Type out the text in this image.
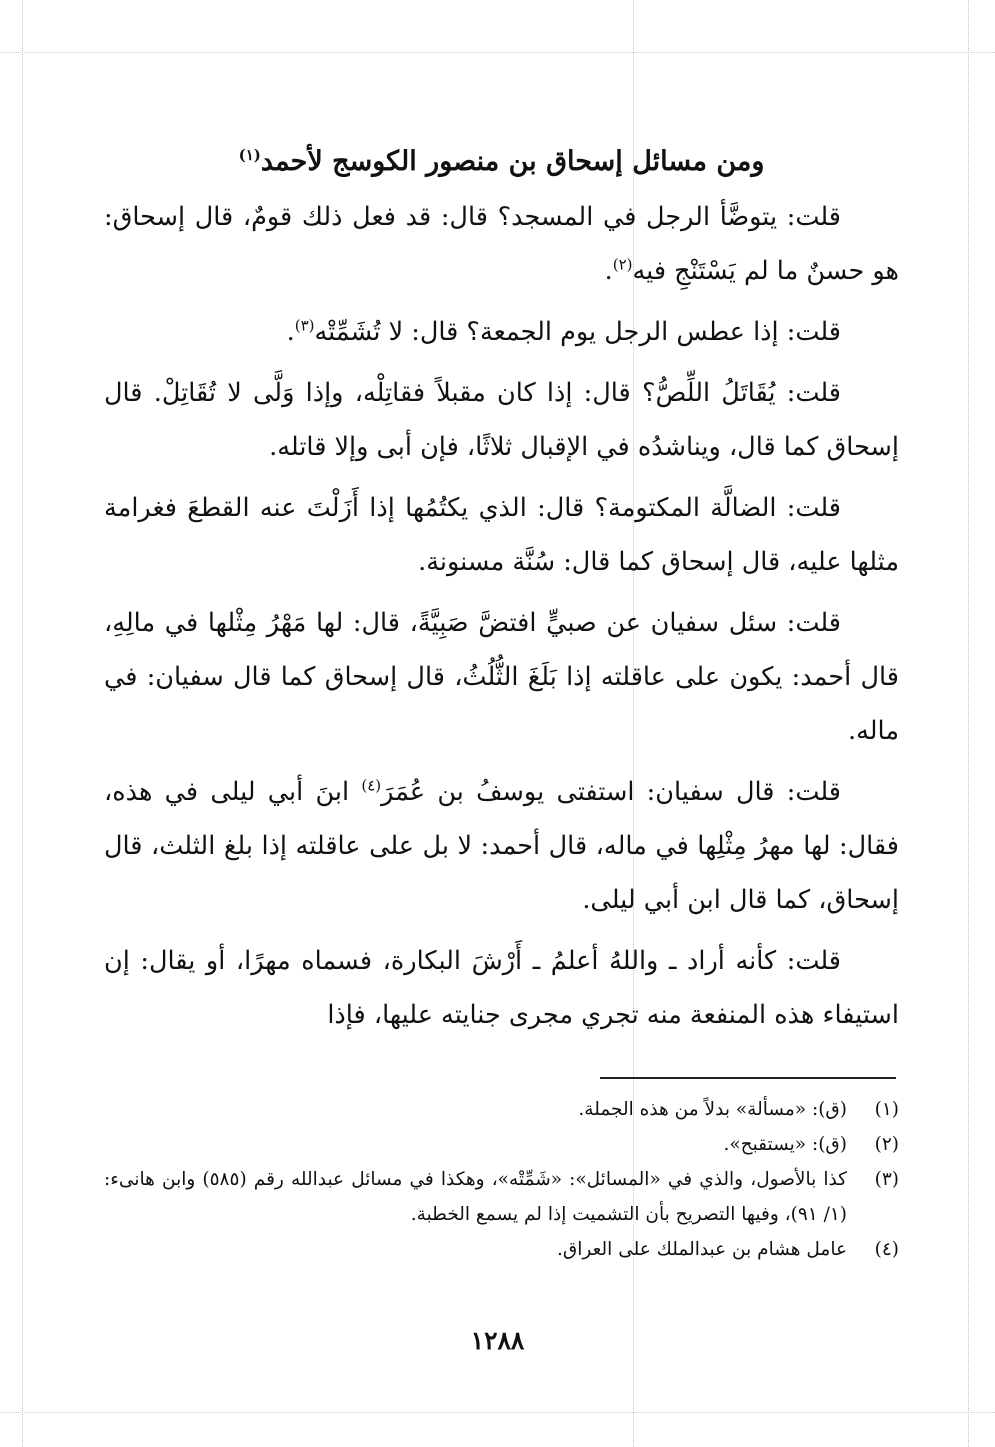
ومن مسائل إسحاق بن منصور الكوسج لأحمد$^{(١)}$

قلت: يتوضَّأ الرجل في المسجد؟ قال: قد فعل ذلك قومٌ، قال إسحاق: هو حسنٌ ما لم يَسْتَنْجِ فيه$^{(٢)}$.

قلت: إذا عطس الرجل يوم الجمعة؟ قال: لا تُشَمِّتْه$^{(٣)}$.

قلت: يُقَاتَلُ اللِّصُّ؟ قال: إذا كان مقبلاً فقاتِلْه، وإذا وَلَّى لا تُقَاتِلْ. قال إسحاق كما قال، ويناشدُه في الإقبال ثلاثًا، فإن أبى وإلا قاتله.

قلت: الضالَّة المكتومة؟ قال: الذي يكتُمُها إذا أَزَلْتَ عنه القطعَ فغرامة مثلها عليه، قال إسحاق كما قال: سُنَّة مسنونة.

قلت: سئل سفيان عن صبيٍّ افتضَّ صَبِيَّةً، قال: لها مَهْرُ مِثْلها في مالِهِ، قال أحمد: يكون على عاقلته إذا بَلَغَ الثُّلُثُ، قال إسحاق كما قال سفيان: في ماله.

قلت: قال سفيان: استفتى يوسفُ بن عُمَرَ$^{(٤)}$ ابنَ أبي ليلى في هذه، فقال: لها مهرُ مِثْلِها في ماله، قال أحمد: لا بل على عاقلته إذا بلغ الثلث، قال إسحاق، كما قال ابن أبي ليلى.

قلت: كأنه أراد ـ واللهُ أعلمُ ـ أَرْشَ البكارة، فسماه مهرًا، أو يقال: إن استيفاء هذه المنفعة منه تجري مجرى جنايته عليها، فإذا

(١)
(ق): «مسألة» بدلاً من هذه الجملة.
(٢)
(ق): «يستقبح».
(٣)
كذا بالأصول، والذي في «المسائل»: «شَمِّتْه»، وهكذا في مسائل عبدالله رقم (٥٨٥) وابن هانىء: (١/ ٩١)، وفيها التصريح بأن التشميت إذا لم يسمع الخطبة.
(٤)
عامل هشام بن عبدالملك على العراق.
١٢٨٨
